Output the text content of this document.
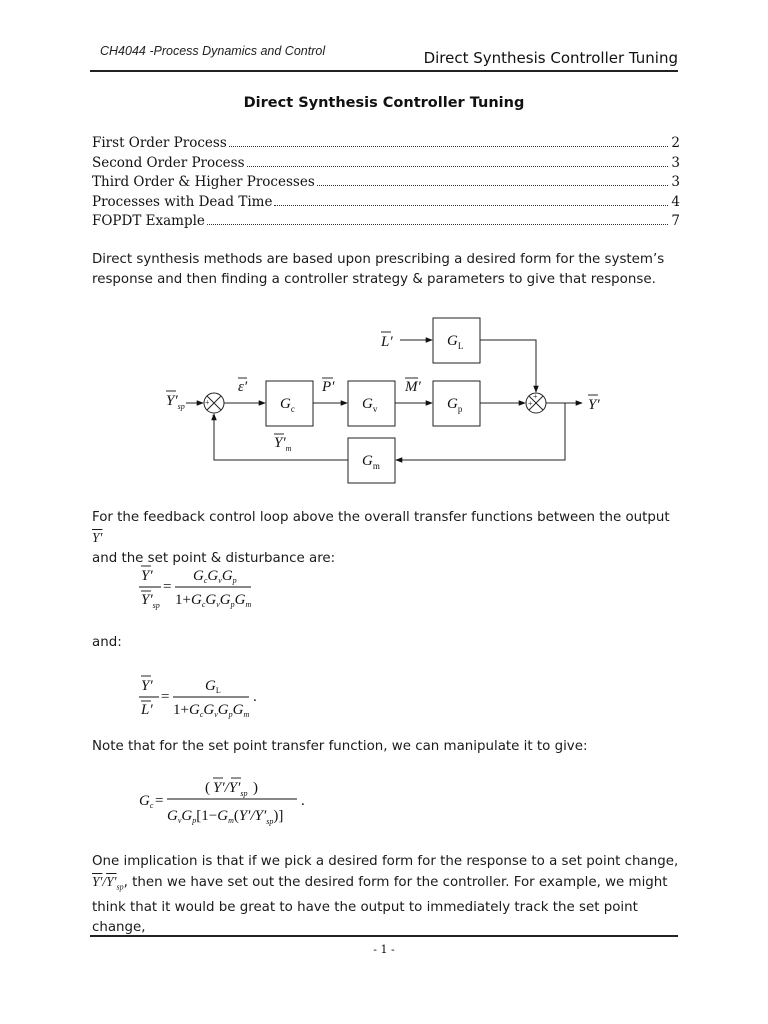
CH4044 -Process Dynamics and Control	Direct Synthesis Controller Tuning
Direct Synthesis Controller Tuning
First Order Process	2
Second Order Process	3
Third Order & Higher Processes	3
Processes with Dead Time	4
FOPDT Example	7

Direct synthesis methods are based upon prescribing a desired form for the system’s response and then finding a controller strategy & parameters to give that response.

$G_L$
$G_c$	$G_v$	$G_p$
$G_m$
L′
ε′	P′	M′
$Y'_{sp}$	Y′
$Y'_m$
+
-
+
+
For the feedback control loop above the overall transfer functions between the output Y′
and the set point & disturbance are:
Y′
$Y'_{sp}$
=
$G_cG_vG_p$
$1+G_cG_vG_pG_m$

and:

Y′
L′
=
$G_L$
$1+G_cG_vG_pG_m$
.

Note that for the set point transfer function, we can manipulate it to give:

$G_c$ =
( $Y'/Y'_{sp}$ )
$G_vG_p[1-G_m(Y'/Y'_{sp})]$
.
One implication is that if we pick a desired form for the response to a set point change,
$Y'/Y'_{sp}$, then we have set out the desired form for the controller. For example, we might
think that it would be great to have the output to immediately track the set point change,
- 1 -
